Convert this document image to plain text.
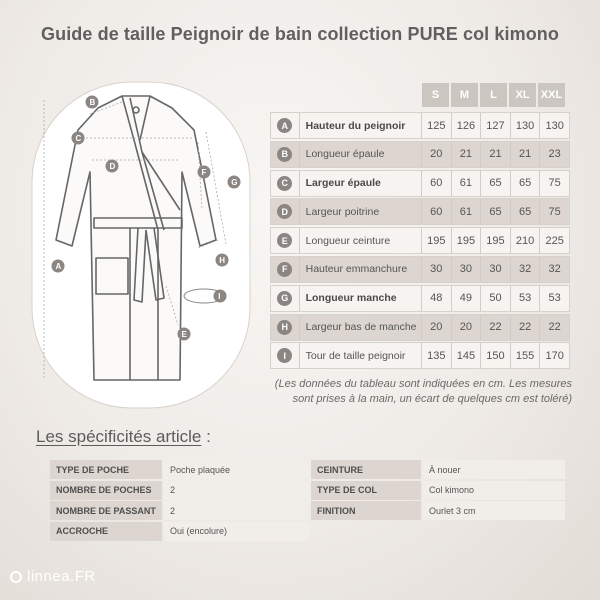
Guide de taille Peignoir de bain collection PURE col kimono
B
C
D
A
F
G
H
I
E
S	M	L	XL	XXL
A	Hauteur du peignoir	125	126	127	130	130
B	Longueur épaule	20	21	21	21	23
C	Largeur épaule	60	61	65	65	75
D	Largeur poitrine	60	61	65	65	75
E	Longueur ceinture	195	195	195	210	225
F	Hauteur emmanchure	30	30	30	32	32
G	Longueur manche	48	49	50	53	53
H	Largeur bas de manche	20	20	22	22	22
I	Tour de taille peignoir	135	145	150	155	170
(Les données du tableau sont indiquées en cm. Les mesures sont prises à la main, un écart de quelques cm est toléré)
Les spécificités article :
TYPE DE POCHE	Poche plaquée	CEINTURE	À nouer
NOMBRE DE POCHES	2	TYPE DE COL	Col kimono
NOMBRE DE PASSANT	2	FINITION	Ourlet 3 cm
ACCROCHE	Oui (encolure)
linnea.FR
